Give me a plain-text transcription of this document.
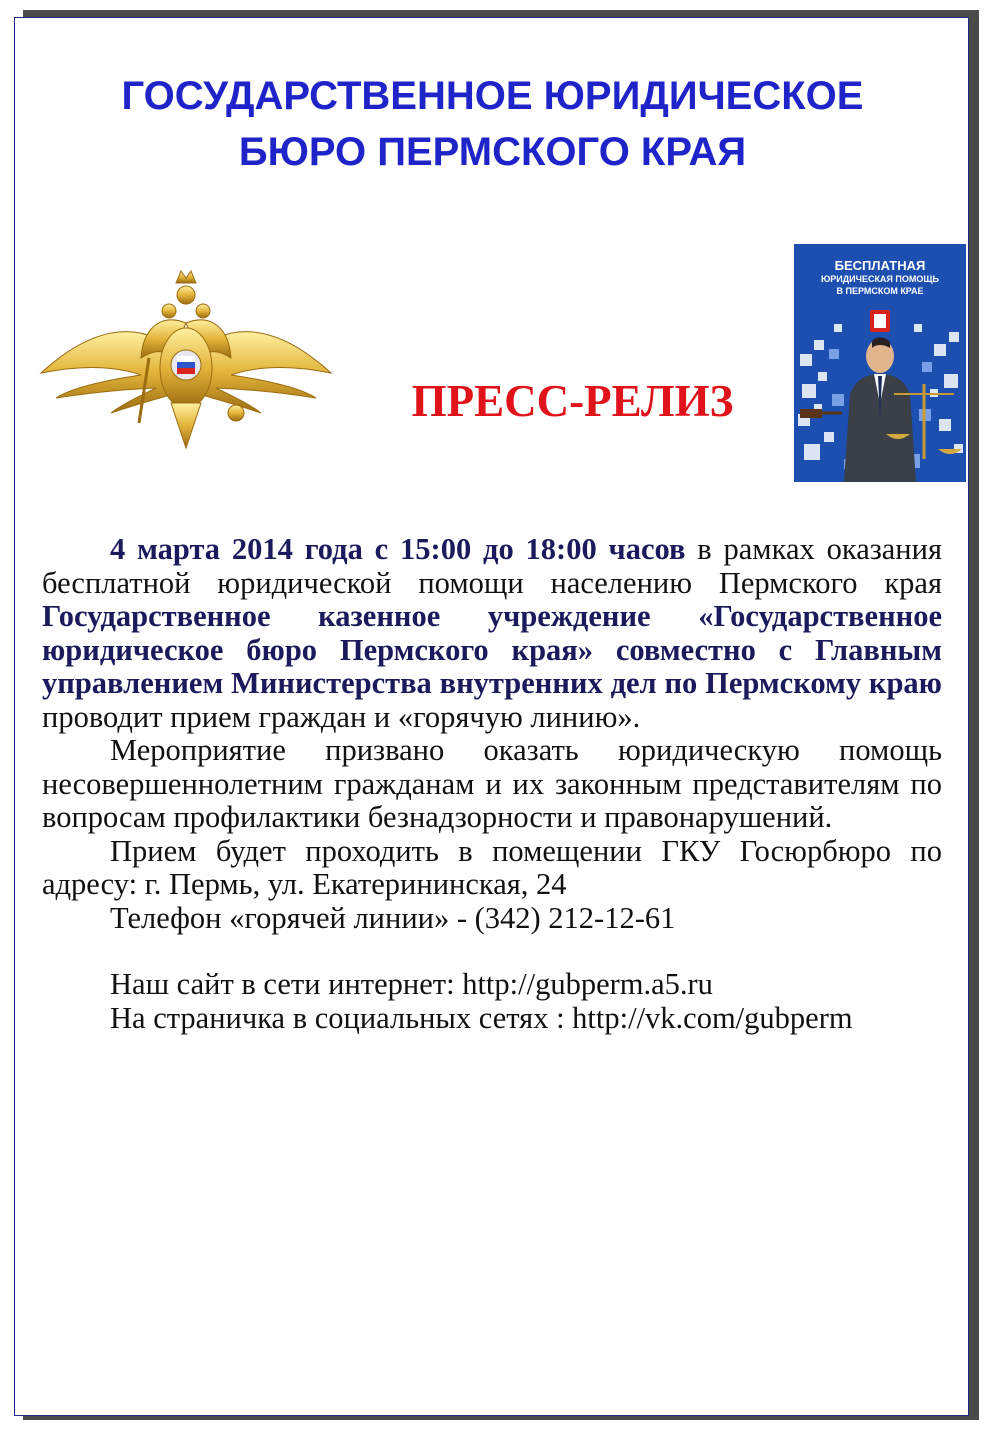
ГОСУДАРСТВЕННОЕ ЮРИДИЧЕСКОЕ
БЮРО ПЕРМСКОГО КРАЯ
ПРЕСС-РЕЛИЗ
БЕСПЛАТНАЯ
ЮРИДИЧЕСКАЯ ПОМОЩЬ
В ПЕРМСКОМ КРАЕ

4 марта 2014 года с 15:00 до 18:00 часов в рамках оказания бесплатной юридической помощи населению Пермского края Государственное казенное учреждение «Государственное юридическое бюро Пермского края» совместно с Главным управлением Министерства внутренних дел по Пермскому краю проводит прием граждан и «горячую линию».

Мероприятие призвано оказать юридическую помощь несовершеннолетним гражданам и их законным представителям по вопросам профилактики безнадзорности и правонарушений.

Прием будет проходить в помещении ГКУ Госюрбюро по адресу: г. Пермь, ул. Екатерининская, 24

Телефон «горячей линии» - (342) 212-12-61

Наш сайт в сети интернет: http://gubperm.a5.ru

На страничка в социальных сетях : http://vk.com/gubperm
